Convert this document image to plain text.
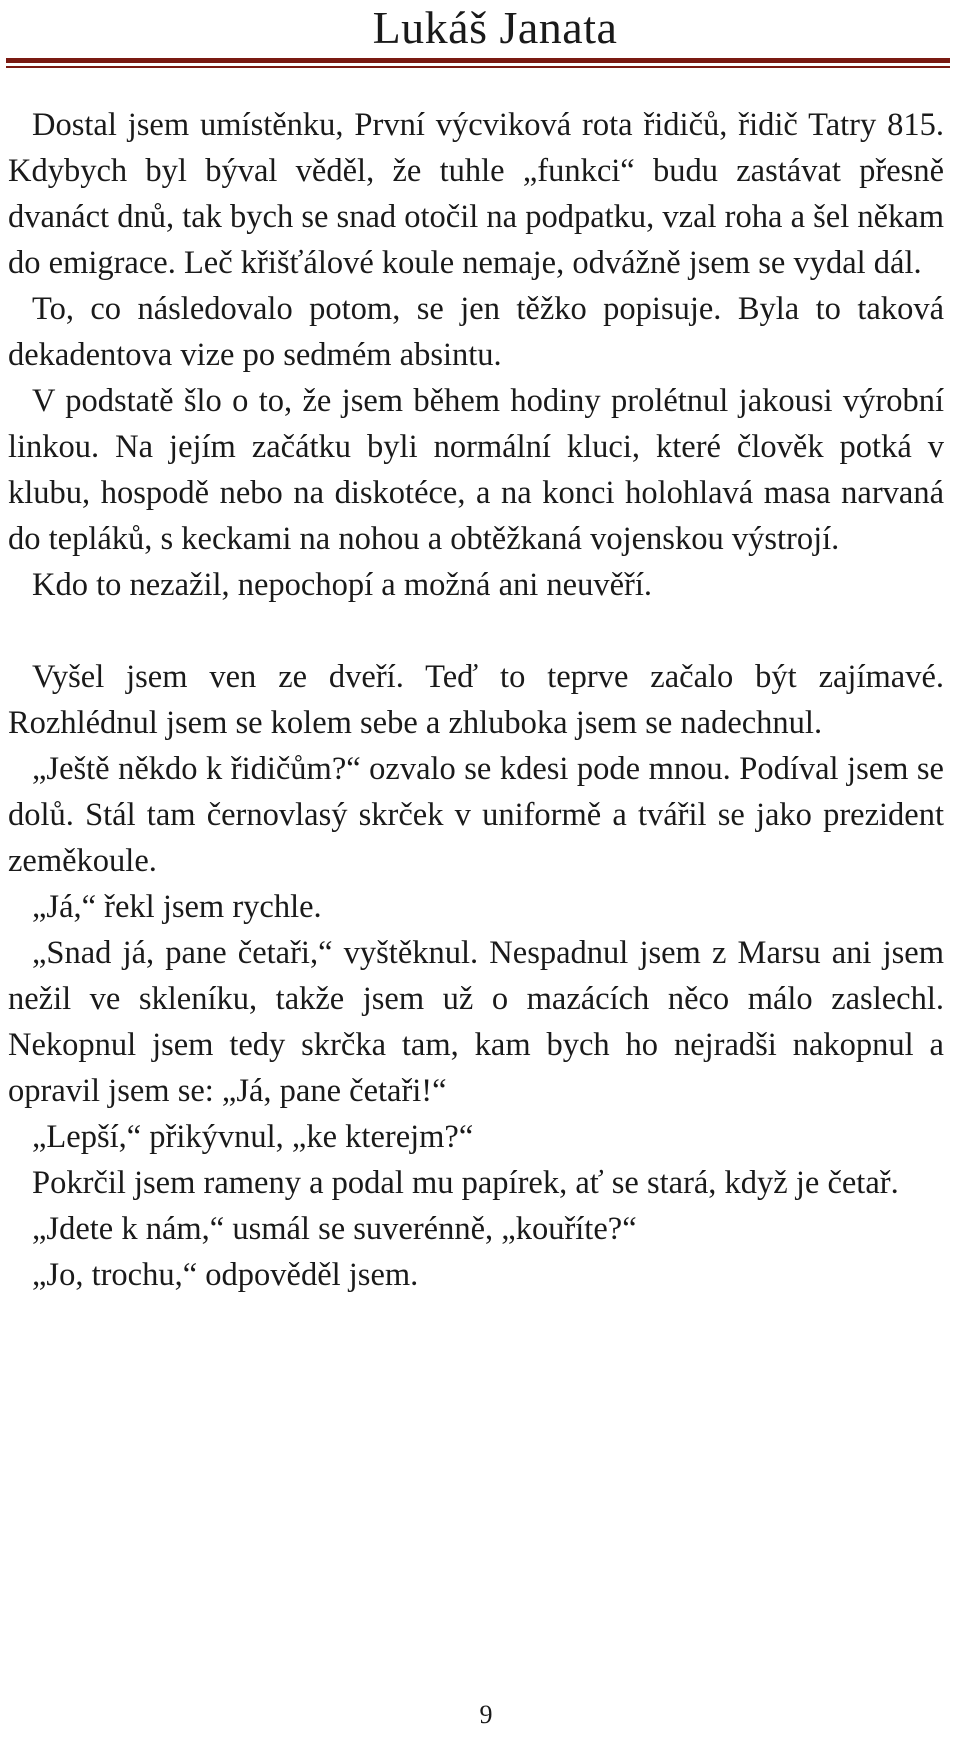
Lukáš Janata

Dostal jsem umístěnku, První výcviková rota řidičů, řidič Tatry 815. Kdybych byl býval věděl, že tuhle „funkci“ budu zastávat přesně dvanáct dnů, tak bych se snad otočil na podpatku, vzal roha a šel někam do emigrace. Leč křišťálové koule nemaje, odvážně jsem se vydal dál.

To, co následovalo potom, se jen těžko popisuje. Byla to taková dekadentova vize po sedmém absintu.

V podstatě šlo o to, že jsem během hodiny prolétnul jakousi výrobní linkou. Na jejím začátku byli normální kluci, které člověk potká v klubu, hospodě nebo na diskotéce, a na konci holohlavá masa narvaná do tepláků, s keckami na nohou a obtěžkaná vojenskou výstrojí.

Kdo to nezažil, nepochopí a možná ani neuvěří.

Vyšel jsem ven ze dveří. Teď to teprve začalo být zajímavé. Rozhlédnul jsem se kolem sebe a zhluboka jsem se nadechnul.

„Ještě někdo k řidičům?“ ozvalo se kdesi pode mnou. Podíval jsem se dolů. Stál tam černovlasý skrček v uniformě a tvářil se jako prezident zeměkoule.

„Já,“ řekl jsem rychle.

„Snad já, pane četaři,“ vyštěknul. Nespadnul jsem z Marsu ani jsem nežil ve skleníku, takže jsem už o mazácích něco málo zaslechl. Nekopnul jsem tedy skrčka tam, kam bych ho nejradši nakopnul a opravil jsem se: „Já, pane četaři!“

„Lepší,“ přikývnul, „ke kterejm?“

Pokrčil jsem rameny a podal mu papírek, ať se stará, když je četař.

„Jdete k nám,“ usmál se suverénně, „kouříte?“

„Jo, trochu,“ odpověděl jsem.

9
